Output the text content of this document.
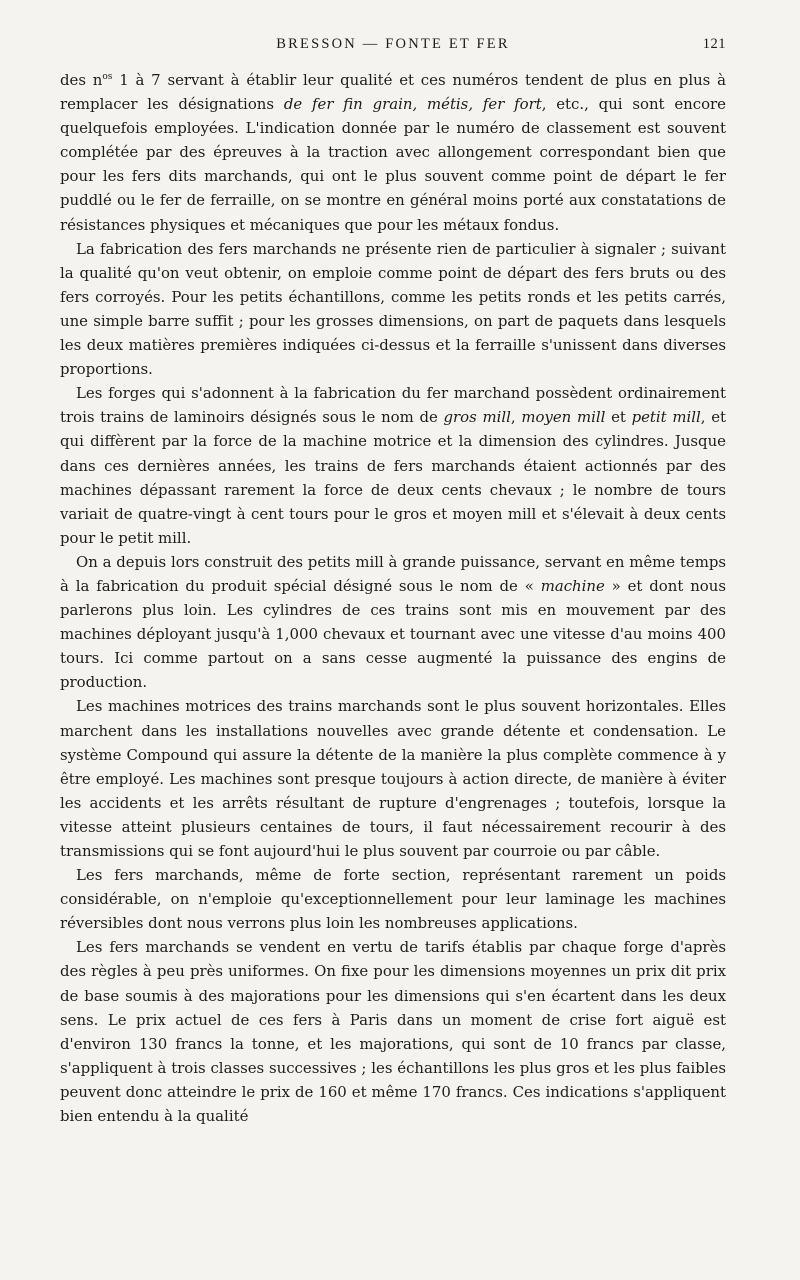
BRESSON — FONTE ET FER	121

des $n^{os}$ 1 à 7 servant à établir leur qualité et ces numéros tendent de plus en plus à remplacer les désignations de fer fin grain, métis, fer fort, etc., qui sont encore quelquefois employées. L'indication donnée par le numéro de classement est souvent complétée par des épreuves à la traction avec allongement correspondant bien que pour les fers dits marchands, qui ont le plus souvent comme point de départ le fer puddlé ou le fer de ferraille, on se montre en général moins porté aux constatations de résistances physiques et mécaniques que pour les métaux fondus.

La fabrication des fers marchands ne présente rien de particulier à signaler ; suivant la qualité qu'on veut obtenir, on emploie comme point de départ des fers bruts ou des fers corroyés. Pour les petits échantillons, comme les petits ronds et les petits carrés, une simple barre suffit ; pour les grosses dimensions, on part de paquets dans lesquels les deux matières premières indiquées ci-dessus et la ferraille s'unissent dans diverses proportions.

Les forges qui s'adonnent à la fabrication du fer marchand possèdent ordinairement trois trains de laminoirs désignés sous le nom de gros mill, moyen mill et petit mill, et qui diffèrent par la force de la machine motrice et la dimension des cylindres. Jusque dans ces dernières années, les trains de fers marchands étaient actionnés par des machines dépassant rarement la force de deux cents chevaux ; le nombre de tours variait de quatre-vingt à cent tours pour le gros et moyen mill et s'élevait à deux cents pour le petit mill.

On a depuis lors construit des petits mill à grande puissance, servant en même temps à la fabrication du produit spécial désigné sous le nom de « machine » et dont nous parlerons plus loin. Les cylindres de ces trains sont mis en mouvement par des machines déployant jusqu'à 1,000 chevaux et tournant avec une vitesse d'au moins 400 tours. Ici comme partout on a sans cesse augmenté la puissance des engins de production.

Les machines motrices des trains marchands sont le plus souvent horizontales. Elles marchent dans les installations nouvelles avec grande détente et condensation. Le système Compound qui assure la détente de la manière la plus complète commence à y être employé. Les machines sont presque toujours à action directe, de manière à éviter les accidents et les arrêts résultant de rupture d'engrenages ; toutefois, lorsque la vitesse atteint plusieurs centaines de tours, il faut nécessairement recourir à des transmissions qui se font aujourd'hui le plus souvent par courroie ou par câble.

Les fers marchands, même de forte section, représentant rarement un poids considérable, on n'emploie qu'exceptionnellement pour leur laminage les machines réversibles dont nous verrons plus loin les nombreuses applications.

Les fers marchands se vendent en vertu de tarifs établis par chaque forge d'après des règles à peu près uniformes. On fixe pour les dimensions moyennes un prix dit prix de base soumis à des majorations pour les dimensions qui s'en écartent dans les deux sens. Le prix actuel de ces fers à Paris dans un moment de crise fort aiguë est d'environ 130 francs la tonne, et les majorations, qui sont de 10 francs par classe, s'appliquent à trois classes successives ; les échantillons les plus gros et les plus faibles peuvent donc atteindre le prix de 160 et même 170 francs. Ces indications s'appliquent bien entendu à la qualité
